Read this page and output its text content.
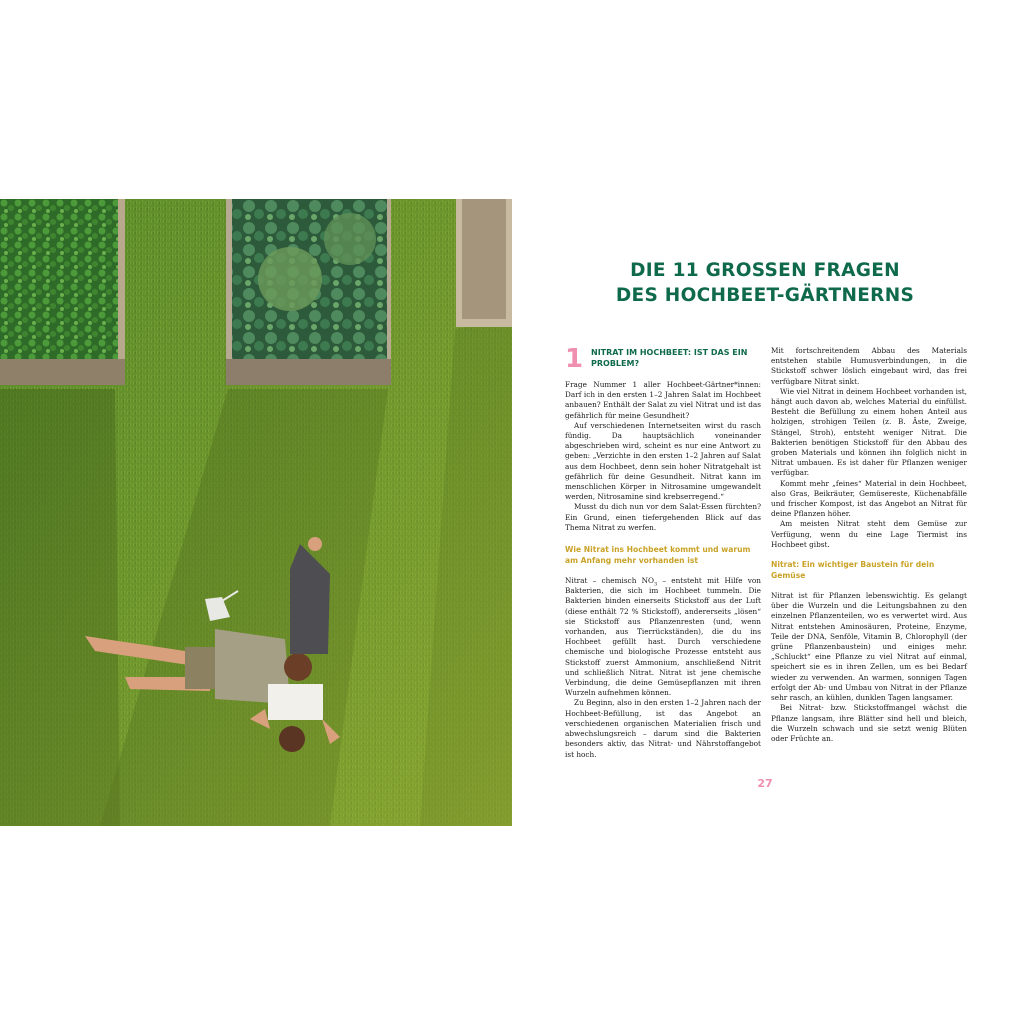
DIE 11 GROSSEN FRAGEN
DES HOCHBEET-GÄRTNERNS
1 NITRAT IM HOCHBEET: IST DAS EIN PROBLEM?

Frage Nummer 1 aller Hochbeet-Gärtner*innen: Darf ich in den ersten 1–2 Jahren Salat im Hochbeet anbauen? Enthält der Salat zu viel Nitrat und ist das gefährlich für meine Gesundheit?

Auf verschiedenen Internetseiten wirst du rasch fündig. Da hauptsächlich voneinander abgeschrieben wird, scheint es nur eine Antwort zu geben: „Verzichte in den ersten 1–2 Jahren auf Salat aus dem Hochbeet, denn sein hoher Nitratgehalt ist gefährlich für deine Gesundheit. Nitrat kann im menschlichen Körper in Nitrosamine umgewandelt werden, Nitrosamine sind krebserregend.“

Musst du dich nun vor dem Salat-Essen fürchten? Ein Grund, einen tiefergehenden Blick auf das Thema Nitrat zu werfen.

Wie Nitrat ins Hochbeet kommt und warum am Anfang mehr vorhanden ist

Nitrat – chemisch $NO_3$ – entsteht mit Hilfe von Bakterien, die sich im Hochbeet tummeln. Die Bakterien binden einerseits Stickstoff aus der Luft (diese enthält 72 % Stickstoff), andererseits „lösen“ sie Stickstoff aus Pflanzenresten (und, wenn vorhanden, aus Tierrückständen), die du ins Hochbeet gefüllt hast. Durch verschiedene chemische und biologische Prozesse entsteht aus Stickstoff zuerst Ammonium, anschließend Nitrit und schließlich Nitrat. Nitrat ist jene chemische Verbindung, die deine Gemüsepflanzen mit ihren Wurzeln aufnehmen können.

Zu Beginn, also in den ersten 1–2 Jahren nach der Hochbeet-Befüllung, ist das Angebot an verschiedenen organischen Materialien frisch und abwechslungsreich – darum sind die Bakterien besonders aktiv, das Nitrat- und Nährstoffangebot ist hoch.

Mit fortschreitendem Abbau des Materials entstehen stabile Humusverbindungen, in die Stickstoff schwer löslich eingebaut wird, das frei verfügbare Nitrat sinkt.

Wie viel Nitrat in deinem Hochbeet vorhanden ist, hängt auch davon ab, welches Material du einfüllst. Besteht die Befüllung zu einem hohen Anteil aus holzigen, strohigen Teilen (z. B. Äste, Zweige, Stängel, Stroh), entsteht weniger Nitrat. Die Bakterien benötigen Stickstoff für den Abbau des groben Materials und können ihn folglich nicht in Nitrat umbauen. Es ist daher für Pflanzen weniger verfügbar.

Kommt mehr „feines“ Material in dein Hochbeet, also Gras, Beikräuter, Gemüsereste, Küchenabfälle und frischer Kompost, ist das Angebot an Nitrat für deine Pflanzen höher.

Am meisten Nitrat steht dem Gemüse zur Verfügung, wenn du eine Lage Tiermist ins Hochbeet gibst.

Nitrat: Ein wichtiger Baustein für dein Gemüse

Nitrat ist für Pflanzen lebenswichtig. Es gelangt über die Wurzeln und die Leitungsbahnen zu den einzelnen Pflanzenteilen, wo es verwertet wird. Aus Nitrat entstehen Aminosäuren, Proteine, Enzyme, Teile der DNA, Senföle, Vitamin B, Chlorophyll (der grüne Pflanzenbaustein) und einiges mehr. „Schluckt“ eine Pflanze zu viel Nitrat auf einmal, speichert sie es in ihren Zellen, um es bei Bedarf wieder zu verwenden. An warmen, sonnigen Tagen erfolgt der Ab- und Umbau von Nitrat in der Pflanze sehr rasch, an kühlen, dunklen Tagen langsamer.

Bei Nitrat- bzw. Stickstoffmangel wächst die Pflanze langsam, ihre Blätter sind hell und bleich, die Wurzeln schwach und sie setzt wenig Blüten oder Früchte an.

27
